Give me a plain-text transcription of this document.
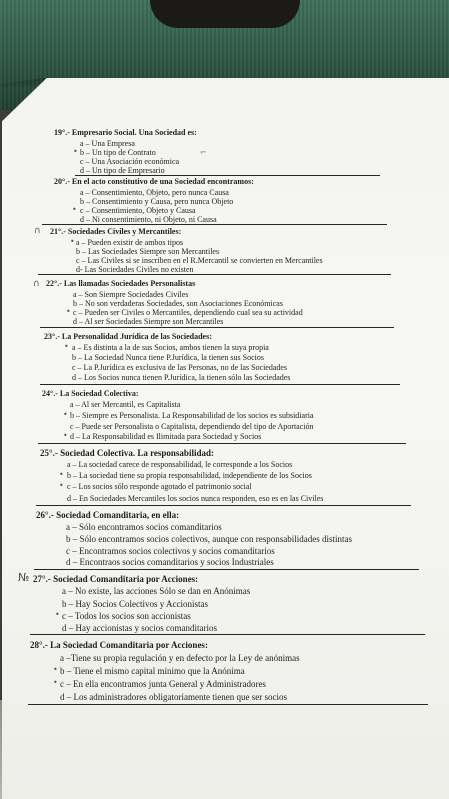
19°.- Empresario Social. Una Sociedad es:
a – Una Empresa
b – Un tipo de Contrato
c – Una Asociación económica
d – Un tipo de Empresario
•	⌐
20°.- En el acto constitutivo de una Sociedad encontramos:
a – Consentimiento, Objeto, pero nunca Causa
b – Consentimiento y Causa, pero nunca Objeto
c – Consentimiento, Objeto y Causa
d – Ni consentimiento, ni Objeto, ni Causa
•
21°.- Sociedades Civiles y Mercantiles:
a – Pueden existir de ambos tipos
b – Las Sociedades Siempre son Mercantiles
c – Las Civiles si se inscriben en el R.Mercantil se convierten en Mercantiles
d- Las Sociedades Civiles no existen
∩
•
22°.- Las llamadas Sociedades Personalistas
a – Son Siempre Sociedades Civiles
b – No son verdaderas Sociedades, son Asociaciones Económicas
c – Pueden ser Civiles o Mercantiles, dependiendo cual sea su actividad
d – Al ser Sociedades Siempre son Mercantiles
∩
•
23°.- La Personalidad Jurídica de las Sociedades:
a – Es distinta a la de sus Socios, ambos tienen la suya propia
b – La Sociedad Nunca tiene P.Jurídica, la tienen sus Socios
c – La P.Jurídica es exclusiva de las Personas, no de las Sociedades
d – Los Socios nunca tienen P.Jurídica, la tienen sólo las Sociedades
•
24°.- La Sociedad Colectiva:
a – Al ser Mercantil, es Capitalista
b – Siempre es Personalista. La Responsabilidad de los socios es subsidiaria
c – Puede ser Personalista o Capitalista, dependiendo del tipo de Aportación
d – La Responsabilidad es Ilimitada para Sociedad y Socios
•
•
25°.- Sociedad Colectiva. La responsabilidad:
a – La sociedad carece de responsabilidad, le corresponde a los Socios
b – La sociedad tiene su propia responsabilidad, independiente de los Socios
c – Los socios sólo responde agotado el patrimonio social
d – En Sociedades Mercantiles los socios nunca responden, eso es en las Civiles
•
•
26°.- Sociedad Comanditaria, en ella:
a – Sólo encontramos socios comanditarios
b – Sólo encontramos socios colectivos, aunque con responsabilidades distintas
c – Encontramos socios colectivos y socios comanditarios
d – Encontraos socios comanditarios y socios Industriales
27°.- Sociedad Comanditaria por Acciones:
a – No existe, las acciones Sólo se dan en Anónimas
b – Hay Socios Colectivos y Accionistas
c – Todos los socios son accionistas
d – Hay accionistas y socios comanditarios
№
•
28°.- La Sociedad Comanditaria por Acciones:
a –Tiene su propia regulación y en defecto por la Ley de anónimas
b – Tiene el mismo capital mínimo que la Anónima
c – En ella encontramos junta General y Administradores
d – Los administradores obligatoriamente tienen que ser socios
•
•
